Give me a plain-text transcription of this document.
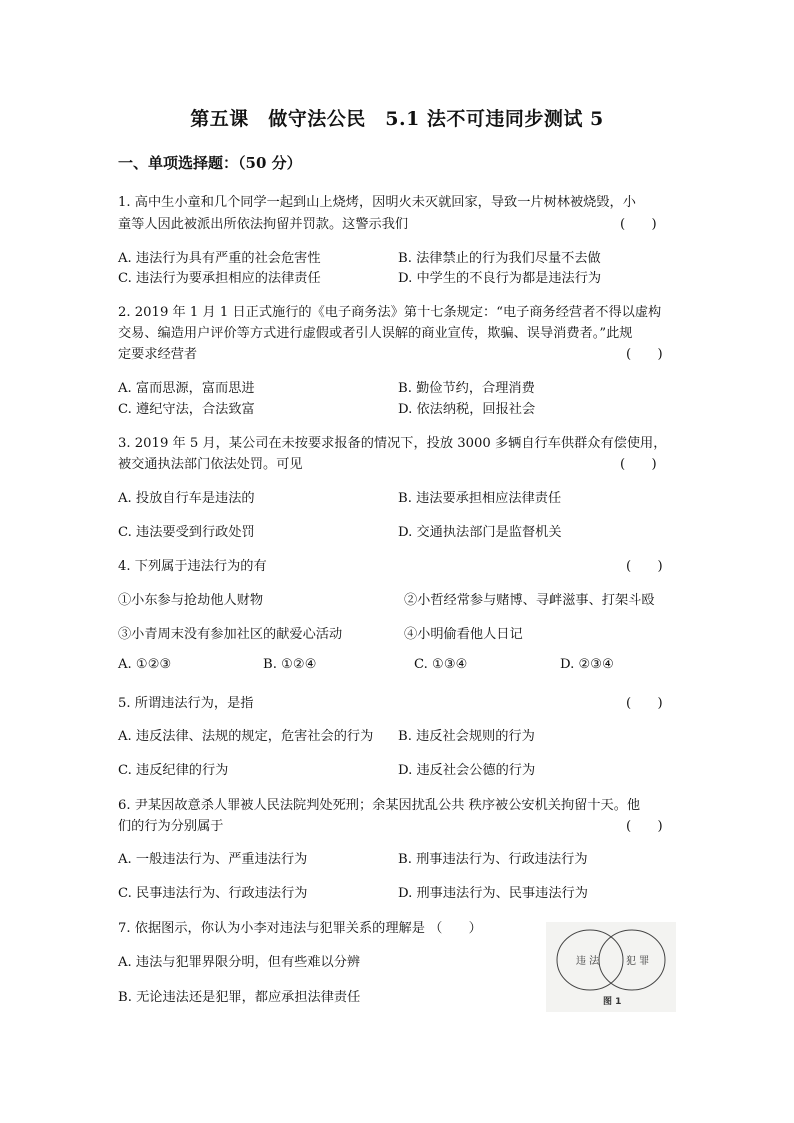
第五课　做守法公民　5.1 法不可违同步测试 5
一、单项选择题：（50 分）
1. 高中生小童和几个同学一起到山上烧烤，因明火未灭就回家，导致一片树林被烧毁，小
童等人因此被派出所依法拘留并罚款。这警示我们	(　　)
A. 违法行为具有严重的社会危害性	B. 法律禁止的行为我们尽量不去做
C. 违法行为要承担相应的法律责任	D. 中学生的不良行为都是违法行为
2. 2019 年 1 月 1 日正式施行的《电子商务法》第十七条规定：“电子商务经营者不得以虚构
交易、编造用户评价等方式进行虚假或者引人误解的商业宣传，欺骗、误导消费者。”此规
定要求经营者	(　　)
A. 富而思源，富而思进	B. 勤俭节约，合理消费
C. 遵纪守法，合法致富	D. 依法纳税，回报社会
3. 2019 年 5 月，某公司在未按要求报备的情况下，投放 3000 多辆自行车供群众有偿使用，
被交通执法部门依法处罚。可见	(　　)
A. 投放自行车是违法的	B. 违法要承担相应法律责任
C. 违法要受到行政处罚	D. 交通执法部门是监督机关
4. 下列属于违法行为的有	(　　)
①小东参与抢劫他人财物	②小哲经常参与赌博、寻衅滋事、打架斗殴
③小青周末没有参加社区的献爱心活动	④小明偷看他人日记
A. ①②③	B. ①②④	C. ①③④	D. ②③④
5. 所谓违法行为，是指	(　　)
A. 违反法律、法规的规定，危害社会的行为 B. 违反社会规则的行为
C. 违反纪律的行为	D. 违反社会公德的行为
6. 尹某因故意杀人罪被人民法院判处死刑；余某因扰乱公共 秩序被公安机关拘留十天。他
们的行为分别属于	(　　)
A. 一般违法行为、严重违法行为	B. 刑事违法行为、行政违法行为
C. 民事违法行为、行政违法行为	D. 刑事违法行为、民事违法行为
7. 依据图示，你认为小李对违法与犯罪关系的理解是 （　　）
A. 违法与犯罪界限分明，但有些难以分辨
B. 无论违法还是犯罪，都应承担法律责任
违 法	犯 罪
图 1
